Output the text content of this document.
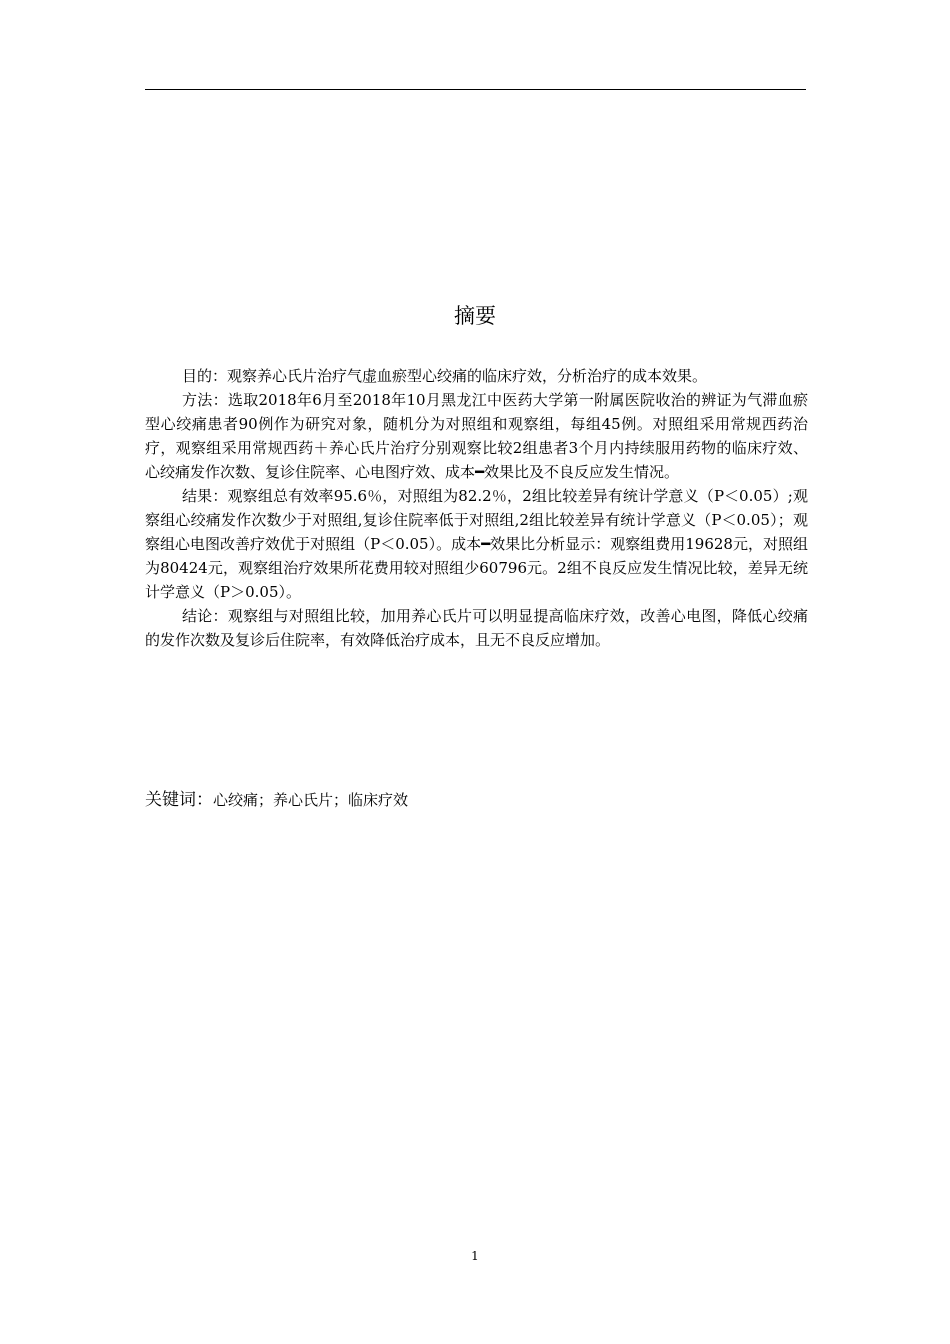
摘要

目的：观察养心氏片治疗气虚血瘀型心绞痛的临床疗效，分析治疗的成本效果。

方法：选取2018年6月至2018年10月黑龙江中医药大学第一附属医院收治的辨证为气滞血瘀型心绞痛患者90例作为研究对象，随机分为对照组和观察组，每组45例。对照组采用常规西药治疗，观察组采用常规西药＋养心氏片治疗分别观察比较2组患者3个月内持续服用药物的临床疗效、心绞痛发作次数、复诊住院率、心电图疗效、成本━效果比及不良反应发生情况。

结果：观察组总有效率95.6％，对照组为82.2％，2组比较差异有统计学意义（P＜0.05）;观察组心绞痛发作次数少于对照组,复诊住院率低于对照组,2组比较差异有统计学意义（P＜0.05）；观察组心电图改善疗效优于对照组（P＜0.05）。成本━效果比分析显示：观察组费用19628元，对照组为80424元，观察组治疗效果所花费用较对照组少60796元。2组不良反应发生情况比较，差异无统计学意义（P＞0.05）。

结论：观察组与对照组比较，加用养心氏片可以明显提高临床疗效，改善心电图，降低心绞痛的发作次数及复诊后住院率，有效降低治疗成本，且无不良反应增加。

关键词：心绞痛；养心氏片；临床疗效
1
